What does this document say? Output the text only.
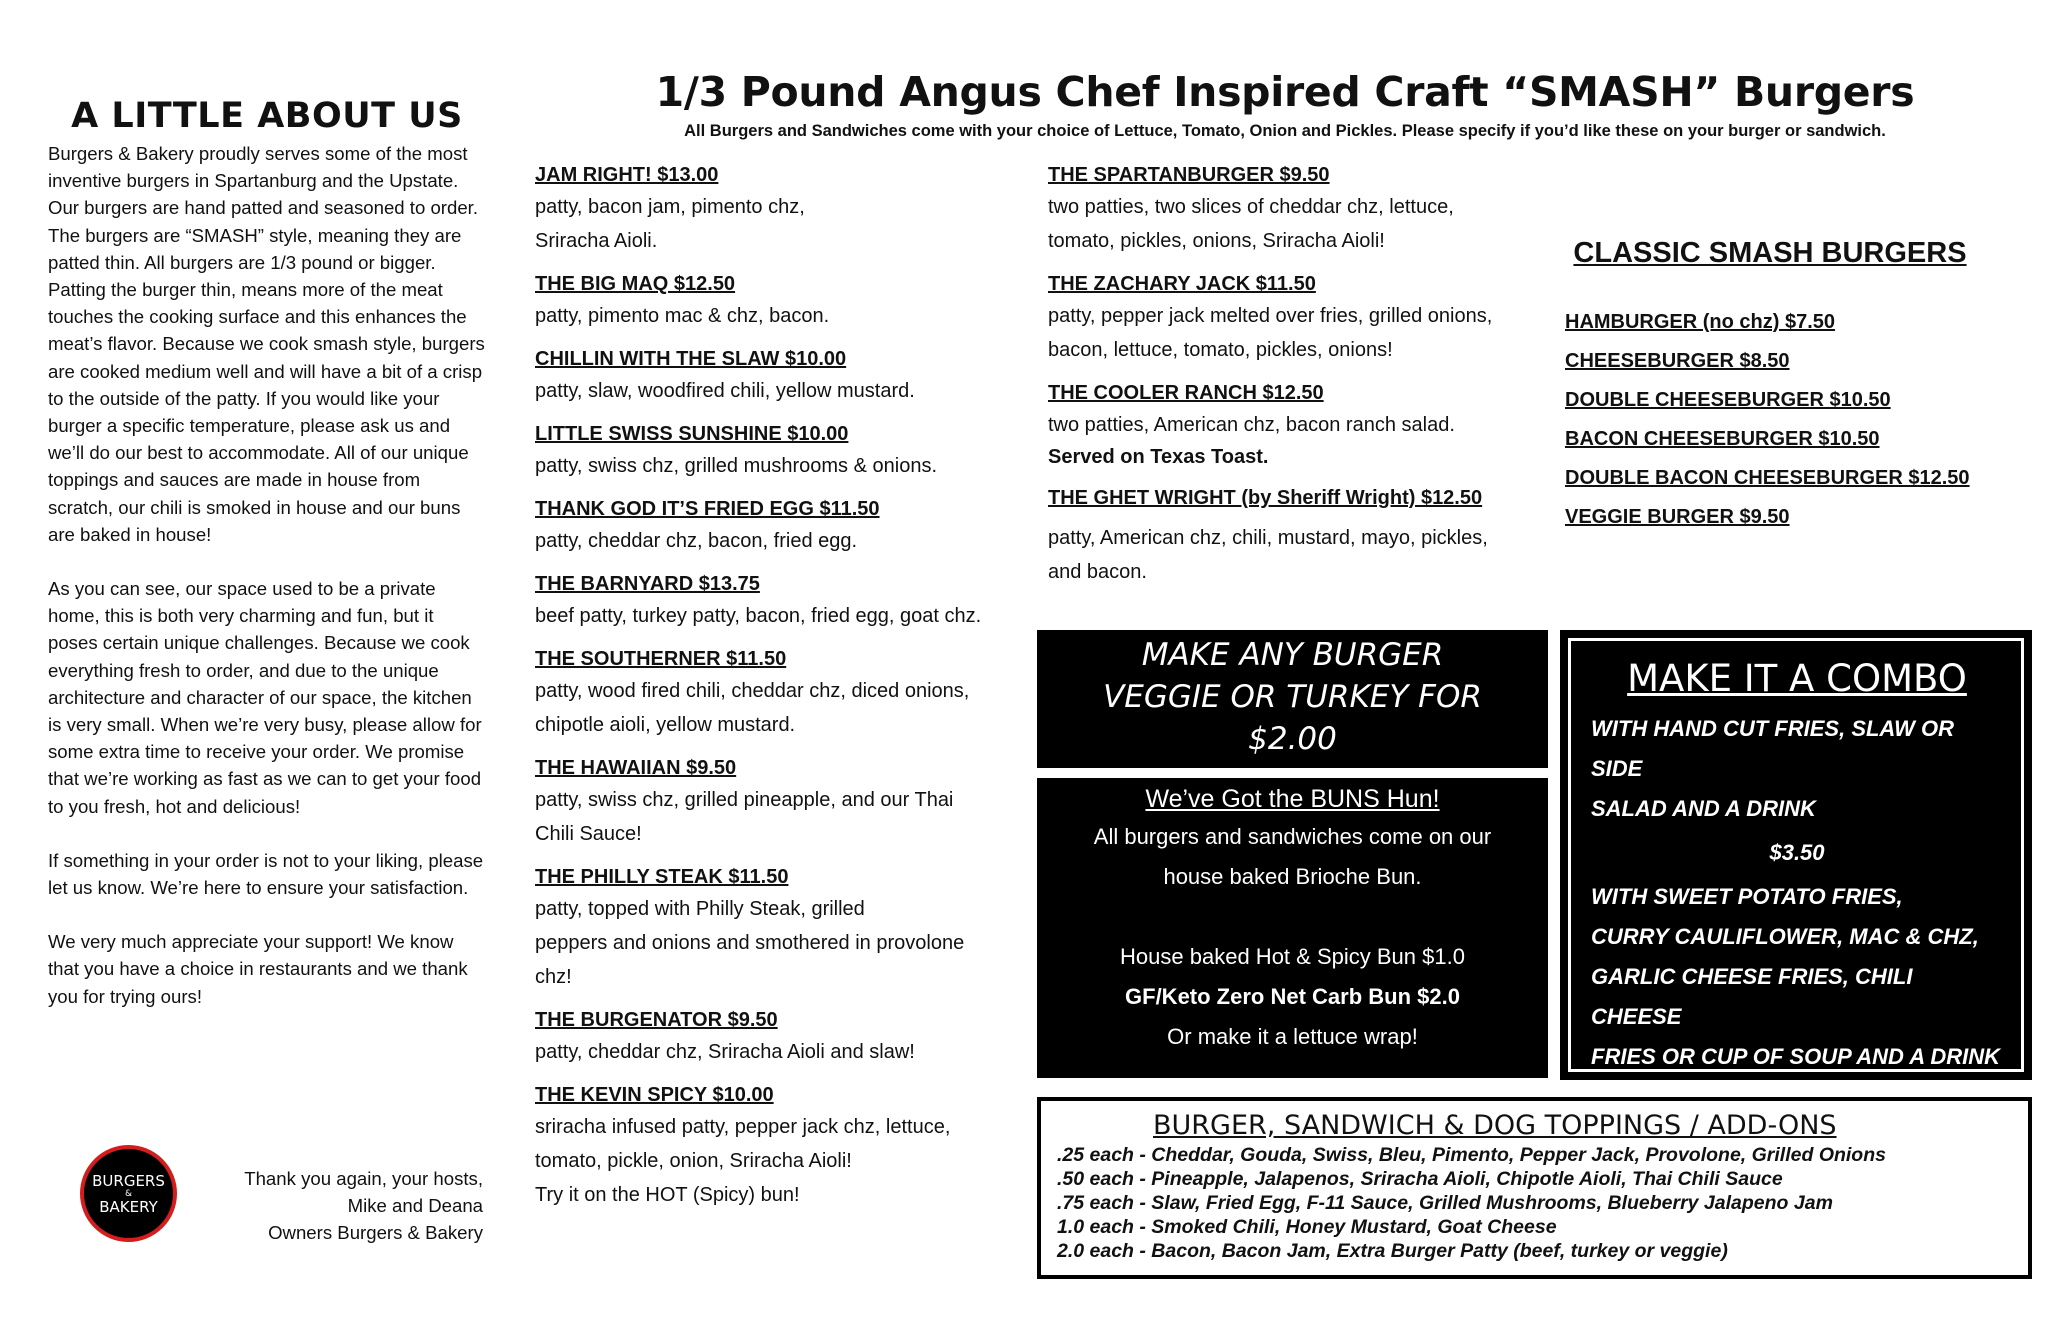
A LITTLE ABOUT US

Burgers & Bakery proudly serves some of the most inventive burgers in Spartanburg and the Upstate. Our burgers are hand patted and seasoned to order. The burgers are “SMASH” style, meaning they are patted thin. All burgers are 1/3 pound or bigger. Patting the burger thin, means more of the meat touches the cooking surface and this enhances the meat’s flavor. Because we cook smash style, burgers are cooked medium well and will have a bit of a crisp to the outside of the patty. If you would like your burger a specific temperature, please ask us and we’ll do our best to accommodate. All of our unique toppings and sauces are made in house from scratch, our chili is smoked in house and our buns are baked in house!

As you can see, our space used to be a private home, this is both very charming and fun, but it poses certain unique challenges. Because we cook everything fresh to order, and due to the unique architecture and character of our space, the kitchen is very small. When we’re very busy, please allow for some extra time to receive your order. We promise that we’re working as fast as we can to get your food to you fresh, hot and delicious!

If something in your order is not to your liking, please let us know. We’re here to ensure your satisfaction.

We very much appreciate your support! We know that you have a choice in restaurants and we thank you for trying ours!

BURGERS
&
BAKERY
Thank you again, your hosts,
Mike and Deana
Owners Burgers & Bakery
1/3 Pound Angus Chef Inspired Craft “SMASH” Burgers
All Burgers and Sandwiches come with your choice of Lettuce, Tomato, Onion and Pickles. Please specify if you’d like these on your burger or sandwich.
JAM RIGHT! $13.00
patty, bacon jam, pimento chz,
Sriracha Aioli.
THE BIG MAQ $12.50
patty, pimento mac & chz, bacon.
CHILLIN WITH THE SLAW $10.00
patty, slaw, woodfired chili, yellow mustard.
LITTLE SWISS SUNSHINE $10.00
patty, swiss chz, grilled mushrooms & onions.
THANK GOD IT’S FRIED EGG $11.50
patty, cheddar chz, bacon, fried egg.
THE BARNYARD $13.75
beef patty, turkey patty, bacon, fried egg, goat chz.
THE SOUTHERNER $11.50
patty, wood fired chili, cheddar chz, diced onions,
chipotle aioli, yellow mustard.
THE HAWAIIAN $9.50
patty, swiss chz, grilled pineapple, and our Thai
Chili Sauce!
THE PHILLY STEAK $11.50
patty, topped with Philly Steak, grilled
peppers and onions and smothered in provolone
chz!
THE BURGENATOR $9.50
patty, cheddar chz, Sriracha Aioli and slaw!
THE KEVIN SPICY $10.00
sriracha infused patty, pepper jack chz, lettuce,
tomato, pickle, onion, Sriracha Aioli!
Try it on the HOT (Spicy) bun!
THE SPARTANBURGER $9.50
two patties, two slices of cheddar chz, lettuce,
tomato, pickles, onions, Sriracha Aioli!
THE ZACHARY JACK $11.50
patty, pepper jack melted over fries, grilled onions,
bacon, lettuce, tomato, pickles, onions!
THE COOLER RANCH $12.50
two patties, American chz, bacon ranch salad.
Served on Texas Toast.
THE GHET WRIGHT (by Sheriff Wright) $12.50
patty, American chz, chili, mustard, mayo, pickles,
and bacon.
CLASSIC SMASH BURGERS
HAMBURGER (no chz) $7.50
CHEESEBURGER $8.50
DOUBLE CHEESEBURGER $10.50
BACON CHEESEBURGER $10.50
DOUBLE BACON CHEESEBURGER $12.50
VEGGIE BURGER $9.50
MAKE ANY BURGER
VEGGIE OR TURKEY FOR
$2.00
We’ve Got the BUNS Hun!
All burgers and sandwiches come on our
house baked Brioche Bun.

House baked Hot & Spicy Bun $1.0
GF/Keto Zero Net Carb Bun $2.0
Or make it a lettuce wrap!
MAKE IT A COMBO
WITH HAND CUT FRIES, SLAW OR SIDE
SALAD AND A DRINK
$3.50
WITH SWEET POTATO FRIES,
CURRY CAULIFLOWER, MAC & CHZ,
GARLIC CHEESE FRIES, CHILI CHEESE
FRIES OR CUP OF SOUP AND A DRINK
$4.50
BURGER, SANDWICH & DOG TOPPINGS / ADD-ONS
.25 each - Cheddar, Gouda, Swiss, Bleu, Pimento, Pepper Jack, Provolone, Grilled Onions
.50 each - Pineapple, Jalapenos, Sriracha Aioli, Chipotle Aioli, Thai Chili Sauce
.75 each - Slaw, Fried Egg, F-11 Sauce, Grilled Mushrooms, Blueberry Jalapeno Jam
1.0 each - Smoked Chili, Honey Mustard, Goat Cheese
2.0 each - Bacon, Bacon Jam, Extra Burger Patty (beef, turkey or veggie)
